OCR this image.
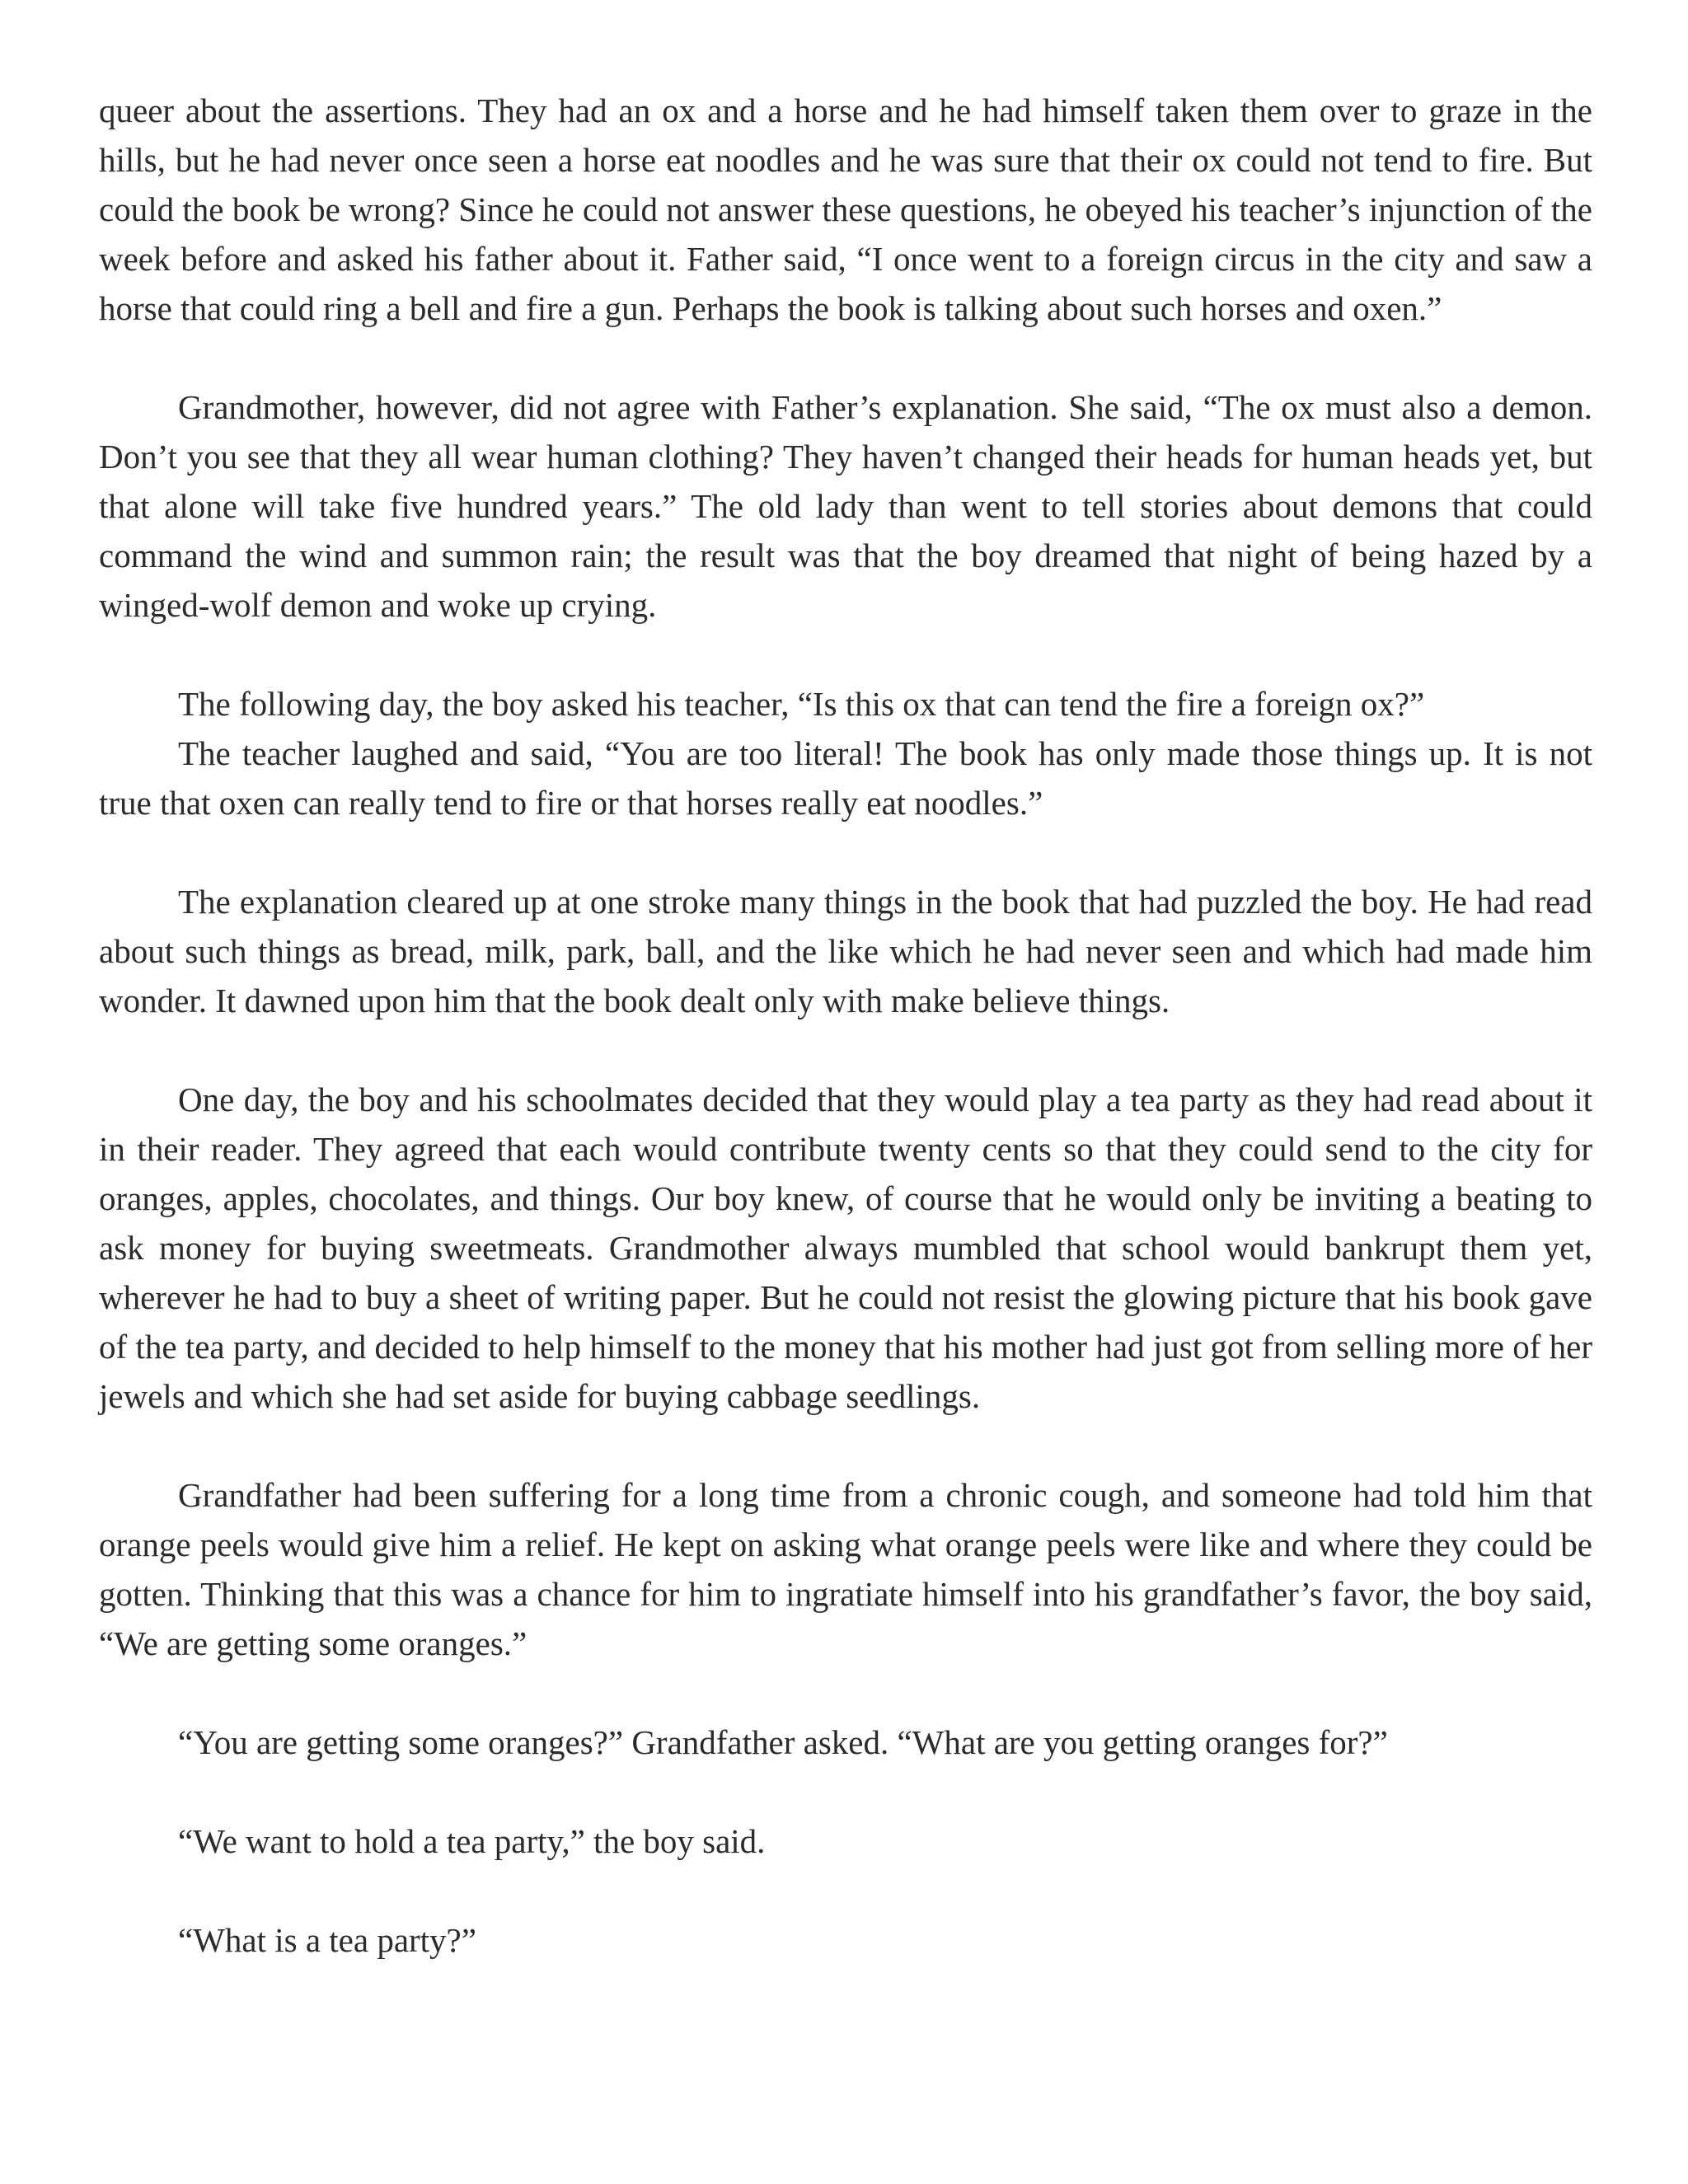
queer about the assertions. They had an ox and a horse and he had himself taken them over to graze in the hills, but he had never once seen a horse eat noodles and he was sure that their ox could not tend to fire. But could the book be wrong? Since he could not answer these questions, he obeyed his teacher’s injunction of the week before and asked his father about it. Father said, “I once went to a foreign circus in the city and saw a horse that could ring a bell and fire a gun. Perhaps the book is talking about such horses and oxen.”

Grandmother, however, did not agree with Father’s explanation. She said, “The ox must also a demon. Don’t you see that they all wear human clothing? They haven’t changed their heads for human heads yet, but that alone will take five hundred years.” The old lady than went to tell stories about demons that could command the wind and summon rain; the result was that the boy dreamed that night of being hazed by a winged-wolf demon and woke up crying.

The following day, the boy asked his teacher, “Is this ox that can tend the fire a foreign ox?”

The teacher laughed and said, “You are too literal! The book has only made those things up. It is not true that oxen can really tend to fire or that horses really eat noodles.”

The explanation cleared up at one stroke many things in the book that had puzzled the boy. He had read about such things as bread, milk, park, ball, and the like which he had never seen and which had made him wonder. It dawned upon him that the book dealt only with make believe things.

One day, the boy and his schoolmates decided that they would play a tea party as they had read about it in their reader. They agreed that each would contribute twenty cents so that they could send to the city for oranges, apples, chocolates, and things. Our boy knew, of course that he would only be inviting a beating to ask money for buying sweetmeats. Grandmother always mumbled that school would bankrupt them yet, wherever he had to buy a sheet of writing paper. But he could not resist the glowing picture that his book gave of the tea party, and decided to help himself to the money that his mother had just got from selling more of her jewels and which she had set aside for buying cabbage seedlings.

Grandfather had been suffering for a long time from a chronic cough, and someone had told him that orange peels would give him a relief. He kept on asking what orange peels were like and where they could be gotten. Thinking that this was a chance for him to ingratiate himself into his grandfather’s favor, the boy said, “We are getting some oranges.”

“You are getting some oranges?” Grandfather asked. “What are you getting oranges for?”

“We want to hold a tea party,” the boy said.

“What is a tea party?”
